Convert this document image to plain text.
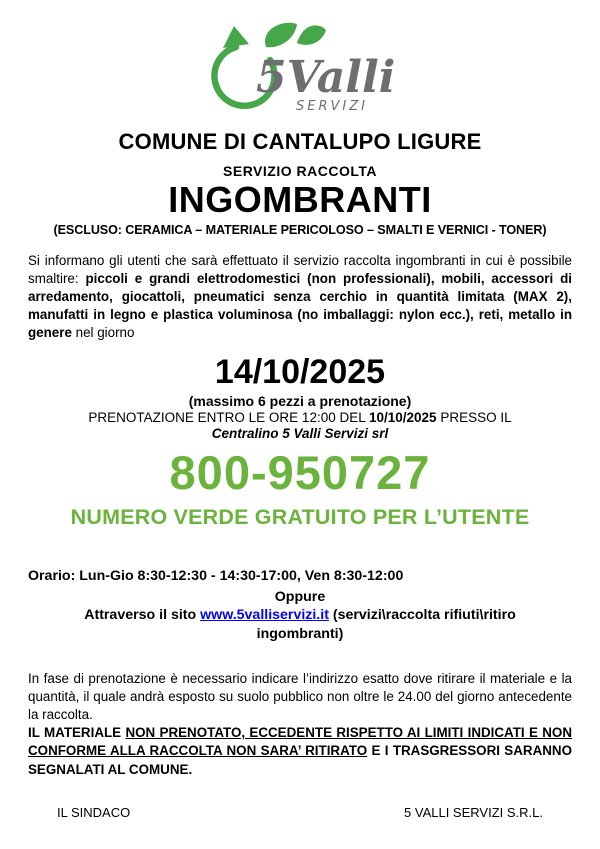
5Valli
SERVIZI
COMUNE DI CANTALUPO LIGURE
SERVIZIO RACCOLTA
INGOMBRANTI
(ESCLUSO: CERAMICA – MATERIALE PERICOLOSO – SMALTI E VERNICI - TONER)

Si informano gli utenti che sarà effettuato il servizio raccolta ingombranti in cui è possibile smaltire: piccoli e grandi elettrodomestici (non professionali), mobili, accessori di arredamento, giocattoli, pneumatici senza cerchio in quantità limitata (MAX 2), manufatti in legno e plastica voluminosa (no imballaggi: nylon ecc.), reti, metallo in genere nel giorno

14/10/2025
(massimo 6 pezzi a prenotazione)
PRENOTAZIONE ENTRO LE ORE 12:00 DEL 10/10/2025 PRESSO IL
Centralino 5 Valli Servizi srl
800-950727
NUMERO VERDE GRATUITO PER L’UTENTE
Orario: Lun-Gio 8:30-12:30 - 14:30-17:00, Ven 8:30-12:00
Oppure
Attraverso il sito www.5valliservizi.it (servizi\raccolta rifiuti\ritiro ingombranti)

In fase di prenotazione è necessario indicare l’indirizzo esatto dove ritirare il materiale e la quantità, il quale andrà esposto su suolo pubblico non oltre le 24.00 del giorno antecedente la raccolta.

IL MATERIALE NON PRENOTATO, ECCEDENTE RISPETTO AI LIMITI INDICATI E NON CONFORME ALLA RACCOLTA NON SARA’ RITIRATO E I TRASGRESSORI SARANNO SEGNALATI AL COMUNE.

IL SINDACO	5 VALLI SERVIZI S.R.L.
